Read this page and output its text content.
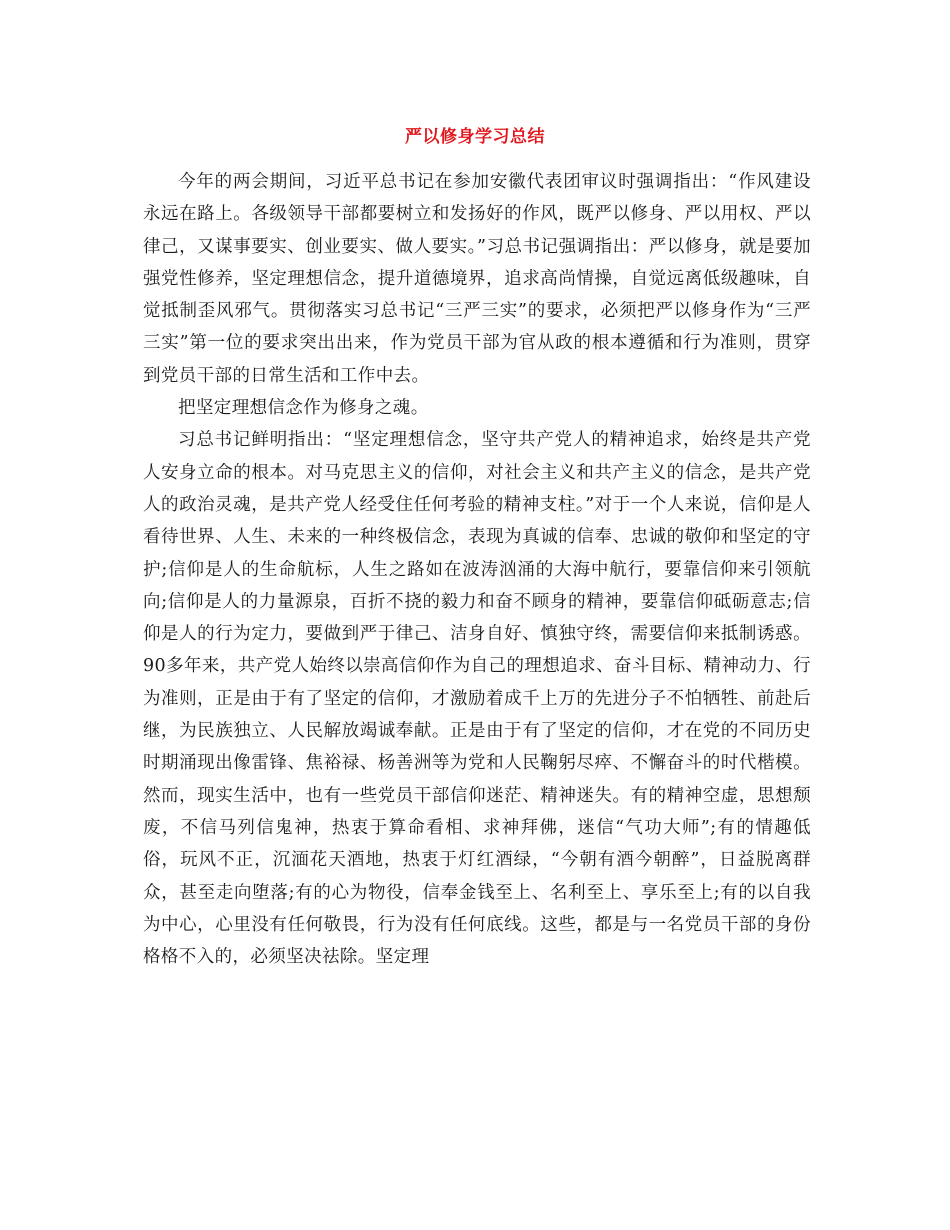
严以修身学习总结

今年的两会期间，习近平总书记在参加安徽代表团审议时强调指出：“作风建设永远在路上。各级领导干部都要树立和发扬好的作风，既严以修身、严以用权、严以律己，又谋事要实、创业要实、做人要实。”习总书记强调指出：严以修身，就是要加强党性修养，坚定理想信念，提升道德境界，追求高尚情操，自觉远离低级趣味，自觉抵制歪风邪气。贯彻落实习总书记“三严三实”的要求，必须把严以修身作为“三严三实”第一位的要求突出出来，作为党员干部为官从政的根本遵循和行为准则，贯穿到党员干部的日常生活和工作中去。

把坚定理想信念作为修身之魂。

习总书记鲜明指出：“坚定理想信念，坚守共产党人的精神追求，始终是共产党人安身立命的根本。对马克思主义的信仰，对社会主义和共产主义的信念，是共产党人的政治灵魂，是共产党人经受住任何考验的精神支柱。”对于一个人来说，信仰是人看待世界、人生、未来的一种终极信念，表现为真诚的信奉、忠诚的敬仰和坚定的守护;信仰是人的生命航标，人生之路如在波涛汹涌的大海中航行，要靠信仰来引领航向;信仰是人的力量源泉，百折不挠的毅力和奋不顾身的精神，要靠信仰砥砺意志;信仰是人的行为定力，要做到严于律己、洁身自好、慎独守终，需要信仰来抵制诱惑。90多年来，共产党人始终以崇高信仰作为自己的理想追求、奋斗目标、精神动力、行为准则，正是由于有了坚定的信仰，才激励着成千上万的先进分子不怕牺牲、前赴后继，为民族独立、人民解放竭诚奉献。正是由于有了坚定的信仰，才在党的不同历史时期涌现出像雷锋、焦裕禄、杨善洲等为党和人民鞠躬尽瘁、不懈奋斗的时代楷模。然而，现实生活中，也有一些党员干部信仰迷茫、精神迷失。有的精神空虚，思想颓废，不信马列信鬼神，热衷于算命看相、求神拜佛，迷信“气功大师”;有的情趣低俗，玩风不正，沉湎花天酒地，热衷于灯红酒绿，“今朝有酒今朝醉”，日益脱离群众，甚至走向堕落;有的心为物役，信奉金钱至上、名利至上、享乐至上;有的以自我为中心，心里没有任何敬畏，行为没有任何底线。这些，都是与一名党员干部的身份格格不入的，必须坚决祛除。坚定理
